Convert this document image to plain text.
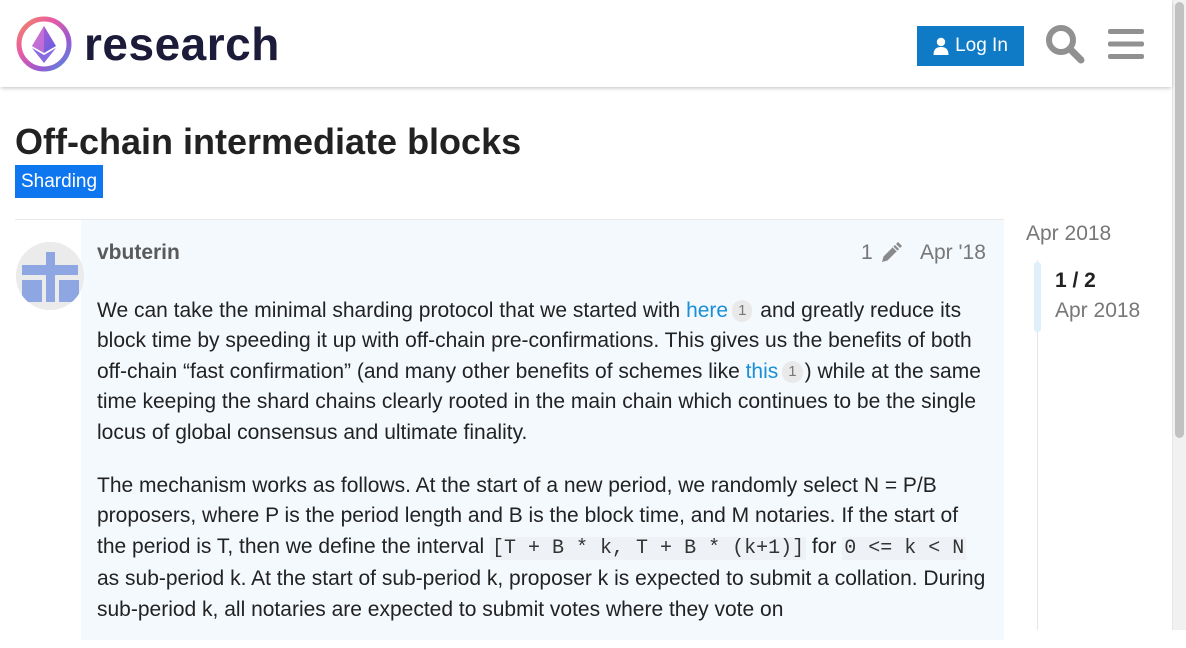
research	Log In
Off-chain intermediate blocks
Sharding
vbuterin	1 Apr '18

We can take the minimal sharding protocol that we started with here 1 and greatly reduce its block time by speeding it up with off-chain pre-confirmations. This gives us the benefits of both off-chain “fast confirmation” (and many other benefits of schemes like this 1 ) while at the same time keeping the shard chains clearly rooted in the main chain which continues to be the single locus of global consensus and ultimate finality.

The mechanism works as follows. At the start of a new period, we randomly select N = P/B proposers, where P is the period length and B is the block time, and M notaries. If the start of the period is T, then we define the interval [T + B * k, T + B * (k+1)] for 0 <= k < N as sub-period k. At the start of sub-period k, proposer k is expected to submit a collation. During sub-period k, all notaries are expected to submit votes where they vote on

Apr 2018
1 / 2
Apr 2018
